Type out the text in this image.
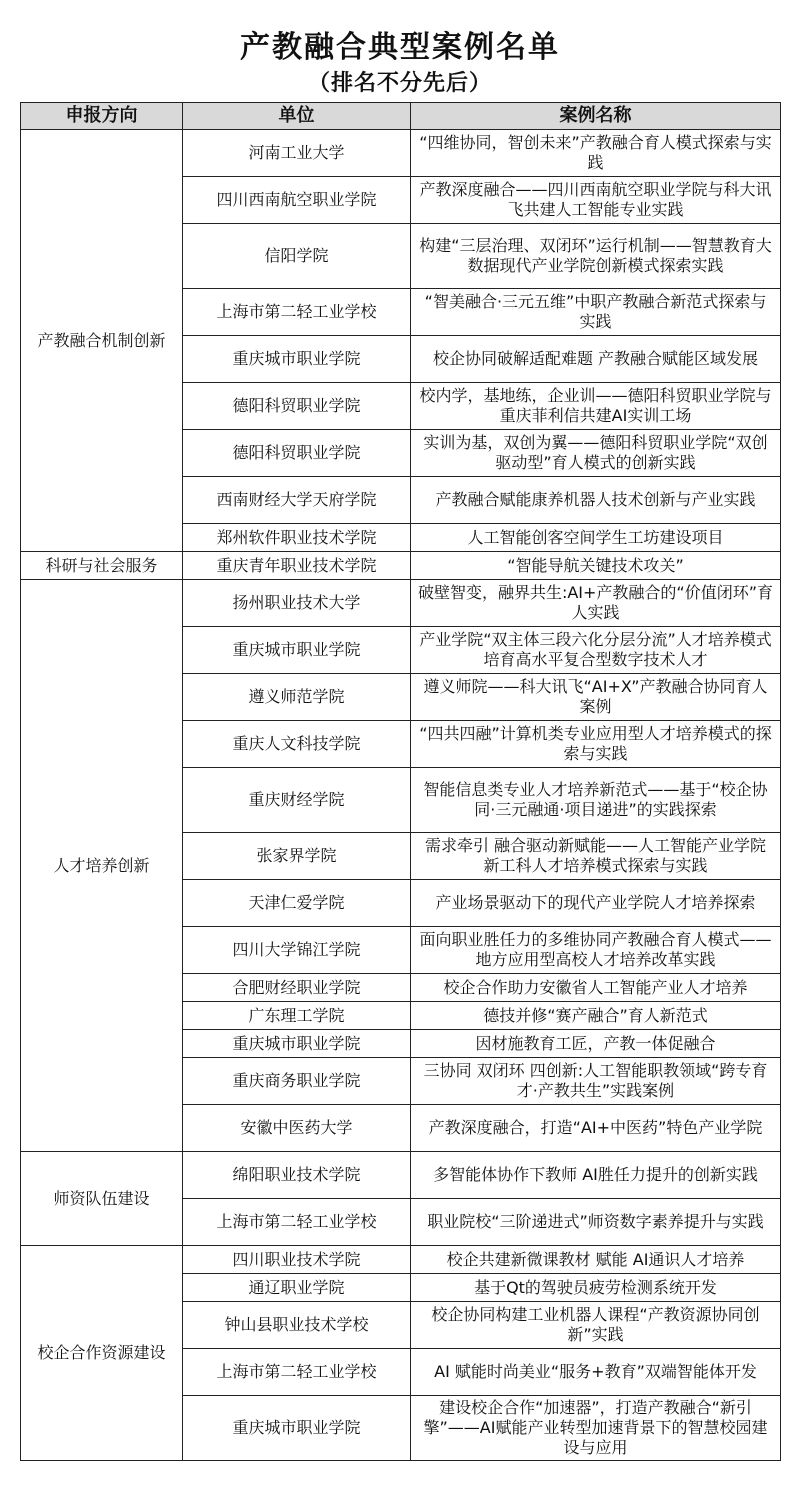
产教融合典型案例名单
（排名不分先后）
申报方向	单位	案例名称
产教融合机制创新	河南工业大学	“四维协同，智创未来”产教融合育人模式探索与实践
	四川西南航空职业学院	产教深度融合——四川西南航空职业学院与科大讯飞共建人工智能专业实践
	信阳学院	构建“三层治理、双闭环”运行机制——智慧教育大数据现代产业学院创新模式探索实践
	上海市第二轻工业学校	“智美融合·三元五维”中职产教融合新范式探索与实践
	重庆城市职业学院	校企协同破解适配难题 产教融合赋能区域发展
	德阳科贸职业学院	校内学，基地练，企业训——德阳科贸职业学院与重庆菲利信共建AI实训工场
	德阳科贸职业学院	实训为基，双创为翼——德阳科贸职业学院“双创驱动型”育人模式的创新实践
	西南财经大学天府学院	产教融合赋能康养机器人技术创新与产业实践
	郑州软件职业技术学院	人工智能创客空间学生工坊建设项目
科研与社会服务	重庆青年职业技术学院	“智能导航关键技术攻关”
人才培养创新	扬州职业技术大学	破壁智变，融界共生:AI+产教融合的“价值闭环”育人实践
	重庆城市职业学院	产业学院“双主体三段六化分层分流”人才培养模式 培育高水平复合型数字技术人才
	遵义师范学院	遵义师院——科大讯飞“AI+X”产教融合协同育人案例
	重庆人文科技学院	“四共四融”计算机类专业应用型人才培养模式的探索与实践
	重庆财经学院	智能信息类专业人才培养新范式——基于“校企协同·三元融通·项目递进”的实践探索
	张家界学院	需求牵引 融合驱动新赋能——人工智能产业学院新工科人才培养模式探索与实践
	天津仁爱学院	产业场景驱动下的现代产业学院人才培养探索
	四川大学锦江学院	面向职业胜任力的多维协同产教融合育人模式——地方应用型高校人才培养改革实践
	合肥财经职业学院	校企合作助力安徽省人工智能产业人才培养
	广东理工学院	德技并修“赛产融合”育人新范式
	重庆城市职业学院	因材施教育工匠，产教一体促融合
	重庆商务职业学院	三协同 双闭环 四创新:人工智能职教领域“跨专育才·产教共生”实践案例
	安徽中医药大学	产教深度融合，打造“AI+中医药”特色产业学院
师资队伍建设	绵阳职业技术学院	多智能体协作下教师 AI胜任力提升的创新实践
	上海市第二轻工业学校	职业院校“三阶递进式”师资数字素养提升与实践
校企合作资源建设	四川职业技术学院	校企共建新微课教材 赋能 AI通识人才培养
	通辽职业学院	基于Qt的驾驶员疲劳检测系统开发
	钟山县职业技术学校	校企协同构建工业机器人课程“产教资源协同创新”实践
	上海市第二轻工业学校	AI 赋能时尚美业“服务+教育”双端智能体开发
	重庆城市职业学院	建设校企合作“加速器”，打造产教融合“新引擎”——AI赋能产业转型加速背景下的智慧校园建设与应用
